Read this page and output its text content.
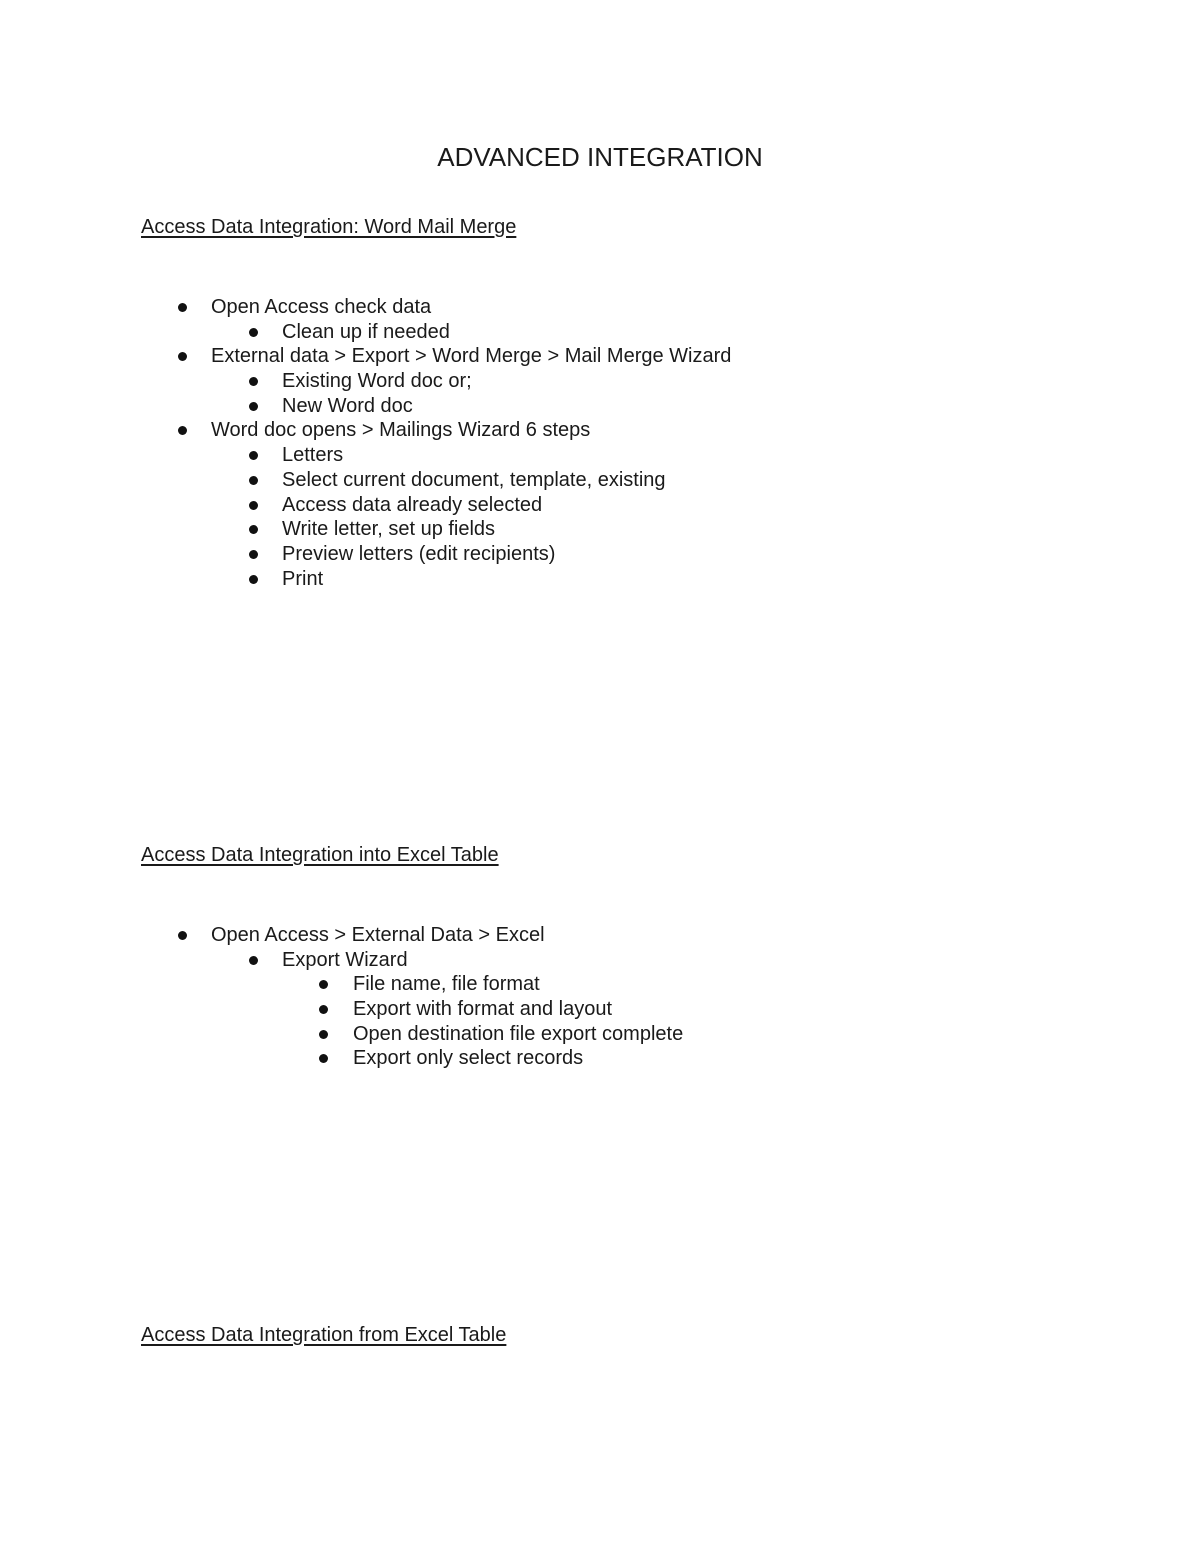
ADVANCED INTEGRATION
Access Data Integration: Word Mail Merge
Open Access check data
Clean up if needed
External data > Export > Word Merge > Mail Merge Wizard
Existing Word doc or;
New Word doc
Word doc opens > Mailings Wizard 6 steps
Letters
Select current document, template, existing
Access data already selected
Write letter, set up fields
Preview letters (edit recipients)
Print
Access Data Integration into Excel Table
Open Access > External Data > Excel
Export Wizard
File name, file format
Export with format and layout
Open destination file export complete
Export only select records
Access Data Integration from Excel Table
